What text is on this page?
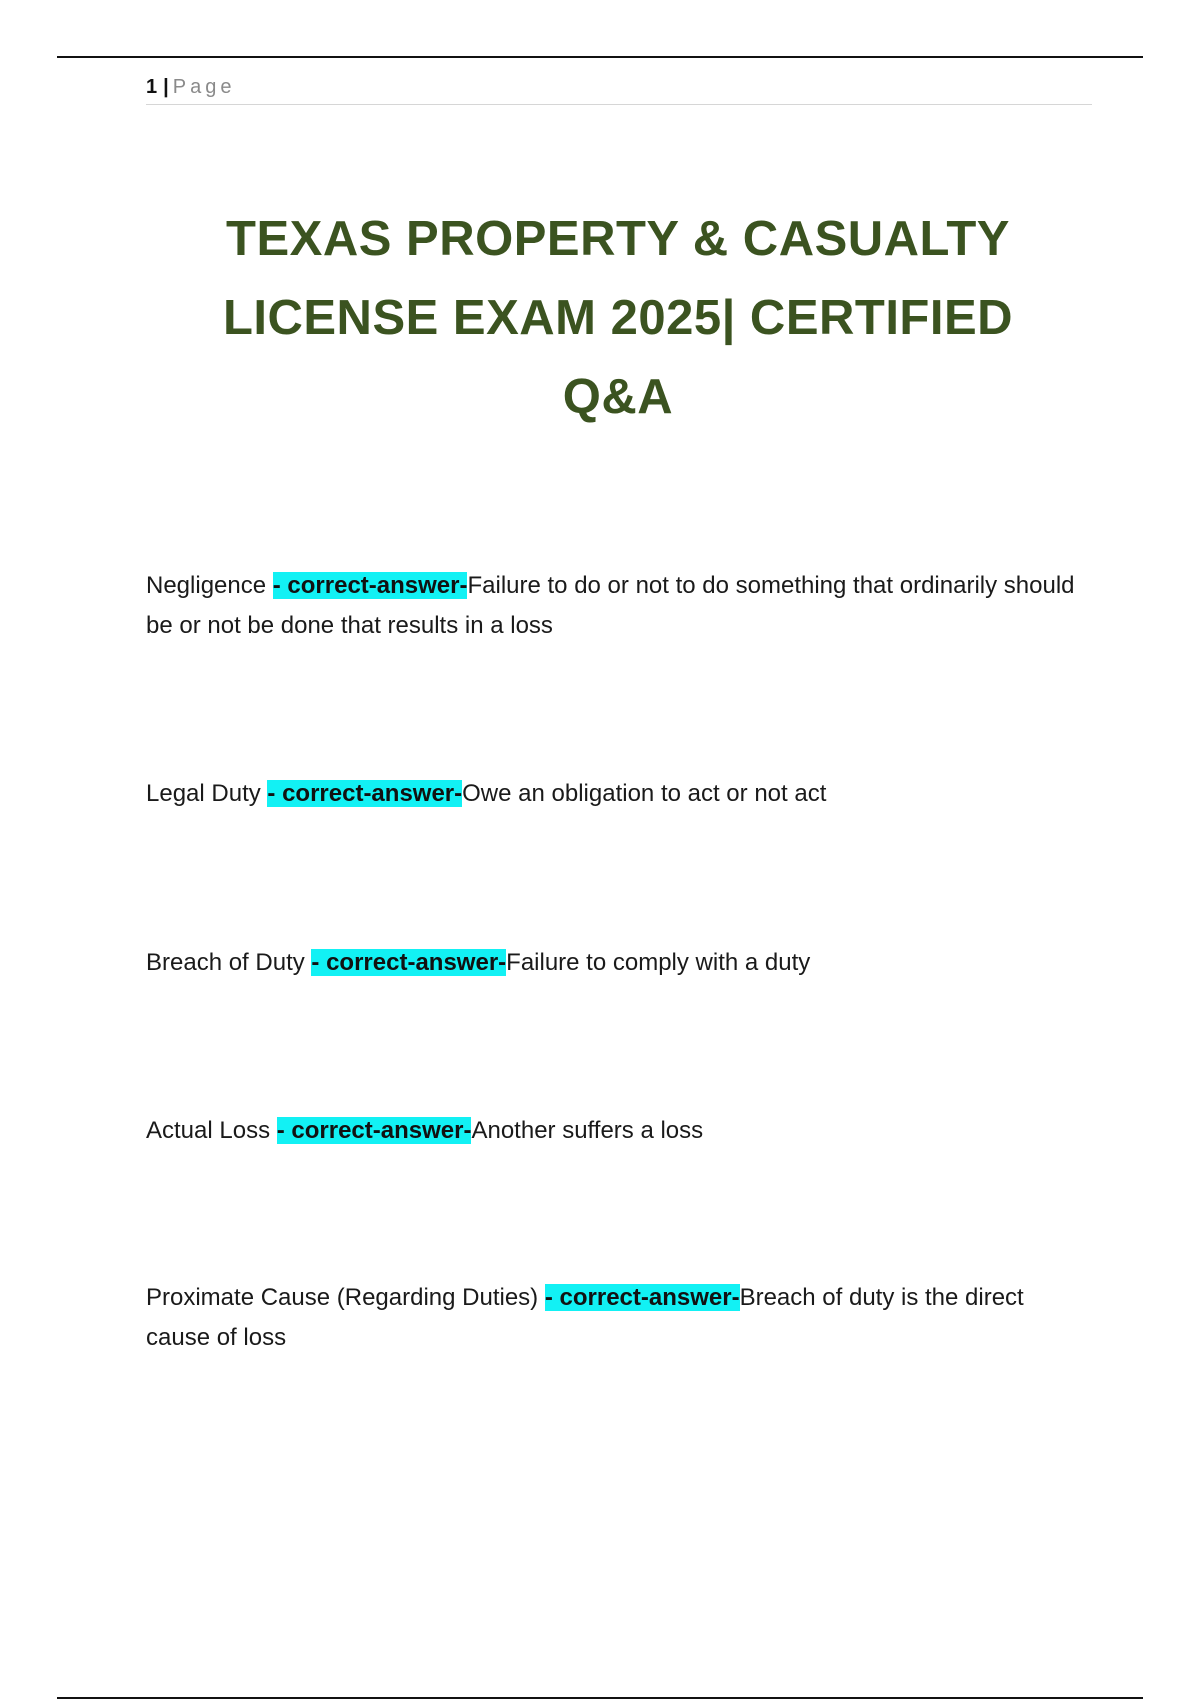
1 | Page
TEXAS PROPERTY & CASUALTY
LICENSE EXAM 2025| CERTIFIED
Q&A
Negligence - correct-answer-Failure to do or not to do something that ordinarily should be or not be done that results in a loss
Legal Duty - correct-answer-Owe an obligation to act or not act
Breach of Duty - correct-answer-Failure to comply with a duty
Actual Loss - correct-answer-Another suffers a loss
Proximate Cause (Regarding Duties) - correct-answer-Breach of duty is the direct cause of loss
